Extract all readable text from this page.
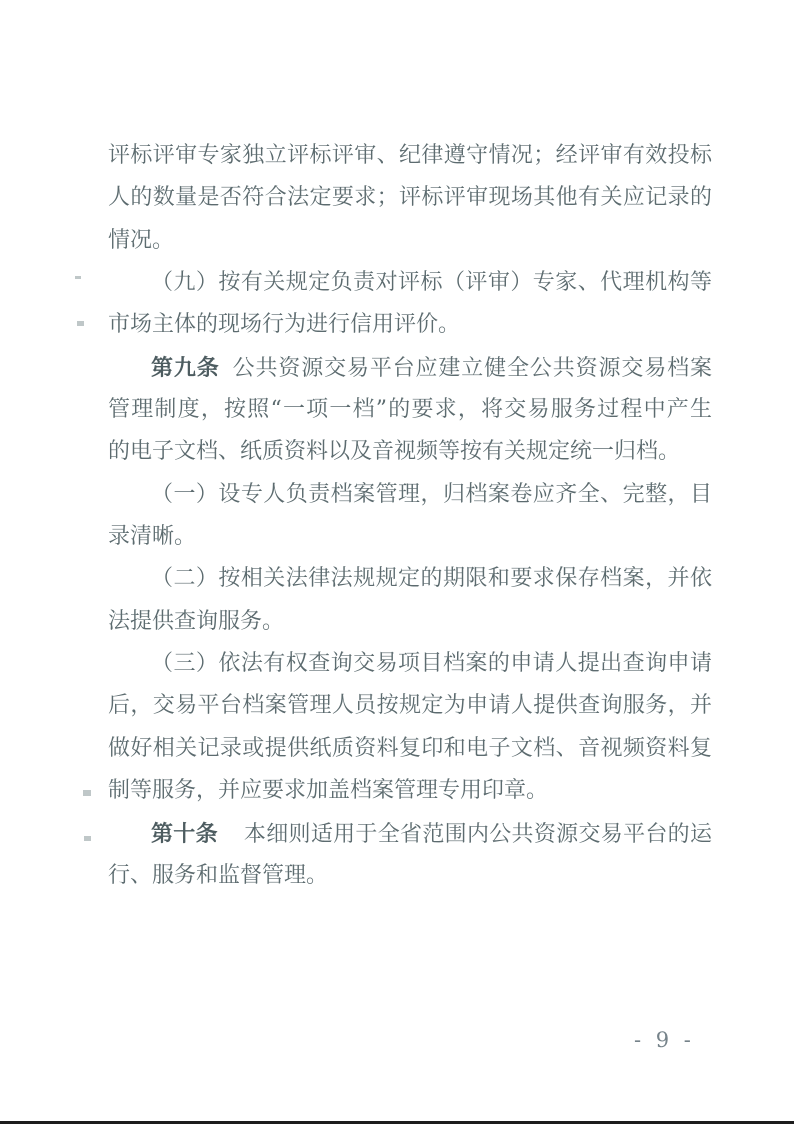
评标评审专家独立评标评审、纪律遵守情况；经评审有效投标
人的数量是否符合法定要求；评标评审现场其他有关应记录的
情况。
（九）按有关规定负责对评标（评审）专家、代理机构等
市场主体的现场行为进行信用评价。
第九条 公共资源交易平台应建立健全公共资源交易档案
管理制度，按照“一项一档”的要求，将交易服务过程中产生
的电子文档、纸质资料以及音视频等按有关规定统一归档。
（一）设专人负责档案管理，归档案卷应齐全、完整，目
录清晰。
（二）按相关法律法规规定的期限和要求保存档案，并依
法提供查询服务。
（三）依法有权查询交易项目档案的申请人提出查询申请
后，交易平台档案管理人员按规定为申请人提供查询服务，并
做好相关记录或提供纸质资料复印和电子文档、音视频资料复
制等服务，并应要求加盖档案管理专用印章。
第十条 本细则适用于全省范围内公共资源交易平台的运
行、服务和监督管理。
- 9 -
